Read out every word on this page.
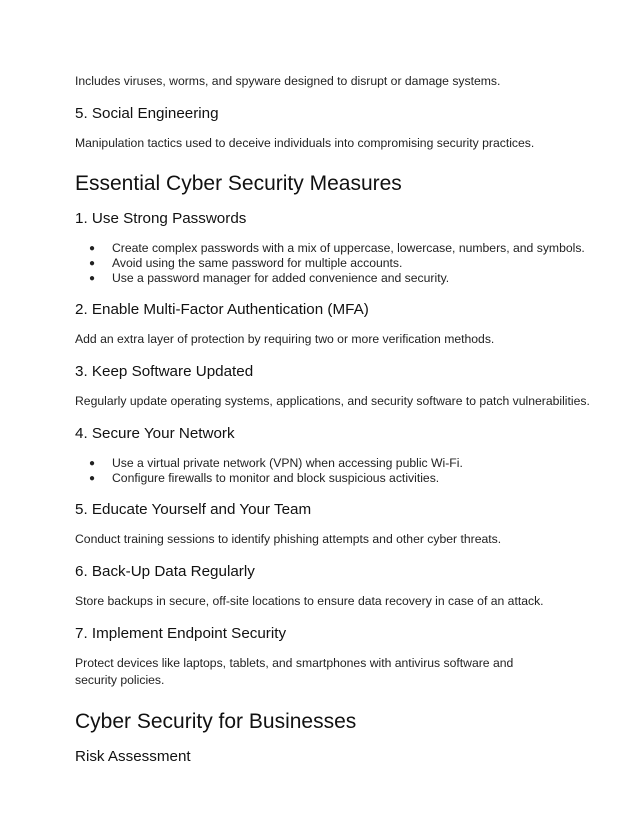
Includes viruses, worms, and spyware designed to disrupt or damage systems.

5. Social Engineering

Manipulation tactics used to deceive individuals into compromising security practices.

Essential Cyber Security Measures
1. Use Strong Passwords
● Create complex passwords with a mix of uppercase, lowercase, numbers, and symbols.
● Avoid using the same password for multiple accounts.
● Use a password manager for added convenience and security.
2. Enable Multi-Factor Authentication (MFA)

Add an extra layer of protection by requiring two or more verification methods.

3. Keep Software Updated

Regularly update operating systems, applications, and security software to patch vulnerabilities.

4. Secure Your Network
● Use a virtual private network (VPN) when accessing public Wi-Fi.
● Configure firewalls to monitor and block suspicious activities.
5. Educate Yourself and Your Team

Conduct training sessions to identify phishing attempts and other cyber threats.

6. Back-Up Data Regularly

Store backups in secure, off-site locations to ensure data recovery in case of an attack.

7. Implement Endpoint Security

Protect devices like laptops, tablets, and smartphones with antivirus software and security policies.

Cyber Security for Businesses
Risk Assessment
